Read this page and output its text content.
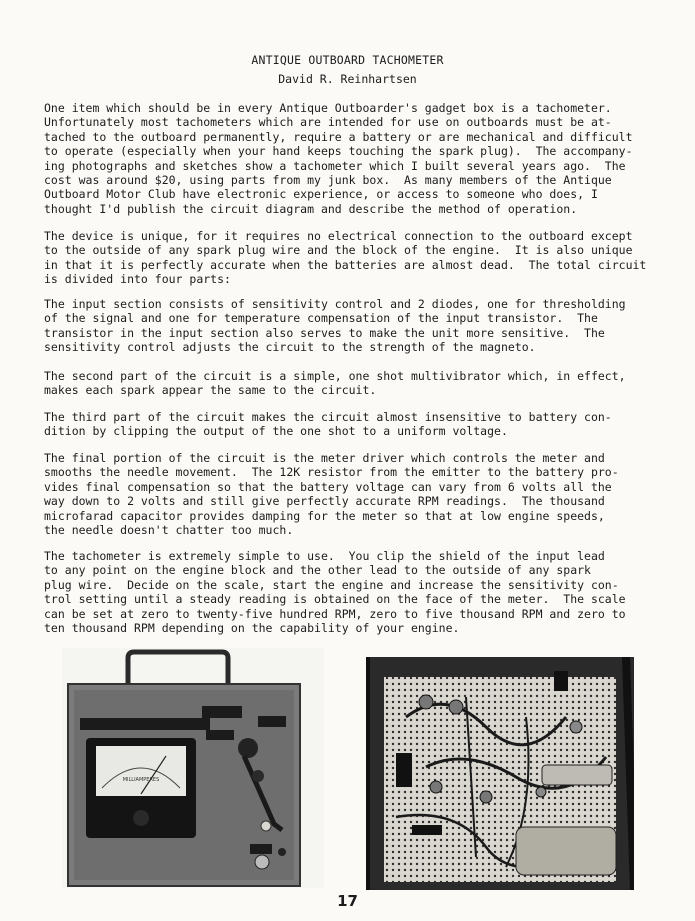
ANTIQUE OUTBOARD TACHOMETER
David R. Reinhartsen

One item which should be in every Antique Outboarder's gadget box is a tachometer.
Unfortunately most tachometers which are intended for use on outboards must be at-
tached to the outboard permanently, require a battery or are mechanical and difficult
to operate (especially when your hand keeps touching the spark plug).  The accompany-
ing photographs and sketches show a tachometer which I built several years ago.  The
cost was around $20, using parts from my junk box.  As many members of the Antique
Outboard Motor Club have electronic experience, or access to someone who does, I
thought I'd publish the circuit diagram and describe the method of operation.

The device is unique, for it requires no electrical connection to the outboard except
to the outside of any spark plug wire and the block of the engine.  It is also unique
in that it is perfectly accurate when the batteries are almost dead.  The total circuit
is divided into four parts:

The input section consists of sensitivity control and 2 diodes, one for thresholding
of the signal and one for temperature compensation of the input transistor.  The
transistor in the input section also serves to make the unit more sensitive.  The
sensitivity control adjusts the circuit to the strength of the magneto.

The second part of the circuit is a simple, one shot multivibrator which, in effect,
makes each spark appear the same to the circuit.

The third part of the circuit makes the circuit almost insensitive to battery con-
dition by clipping the output of the one shot to a uniform voltage.

The final portion of the circuit is the meter driver which controls the meter and
smooths the needle movement.  The 12K resistor from the emitter to the battery pro-
vides final compensation so that the battery voltage can vary from 6 volts all the
way down to 2 volts and still give perfectly accurate RPM readings.  The thousand
microfarad capacitor provides damping for the meter so that at low engine speeds,
the needle doesn't chatter too much.

The tachometer is extremely simple to use.  You clip the shield of the input lead
to any point on the engine block and the other lead to the outside of any spark
plug wire.  Decide on the scale, start the engine and increase the sensitivity con-
trol setting until a steady reading is obtained on the face of the meter.  The scale
can be set at zero to twenty-five hundred RPM, zero to five thousand RPM and zero to
ten thousand RPM depending on the capability of your engine.

MILLIAMPERES
17
